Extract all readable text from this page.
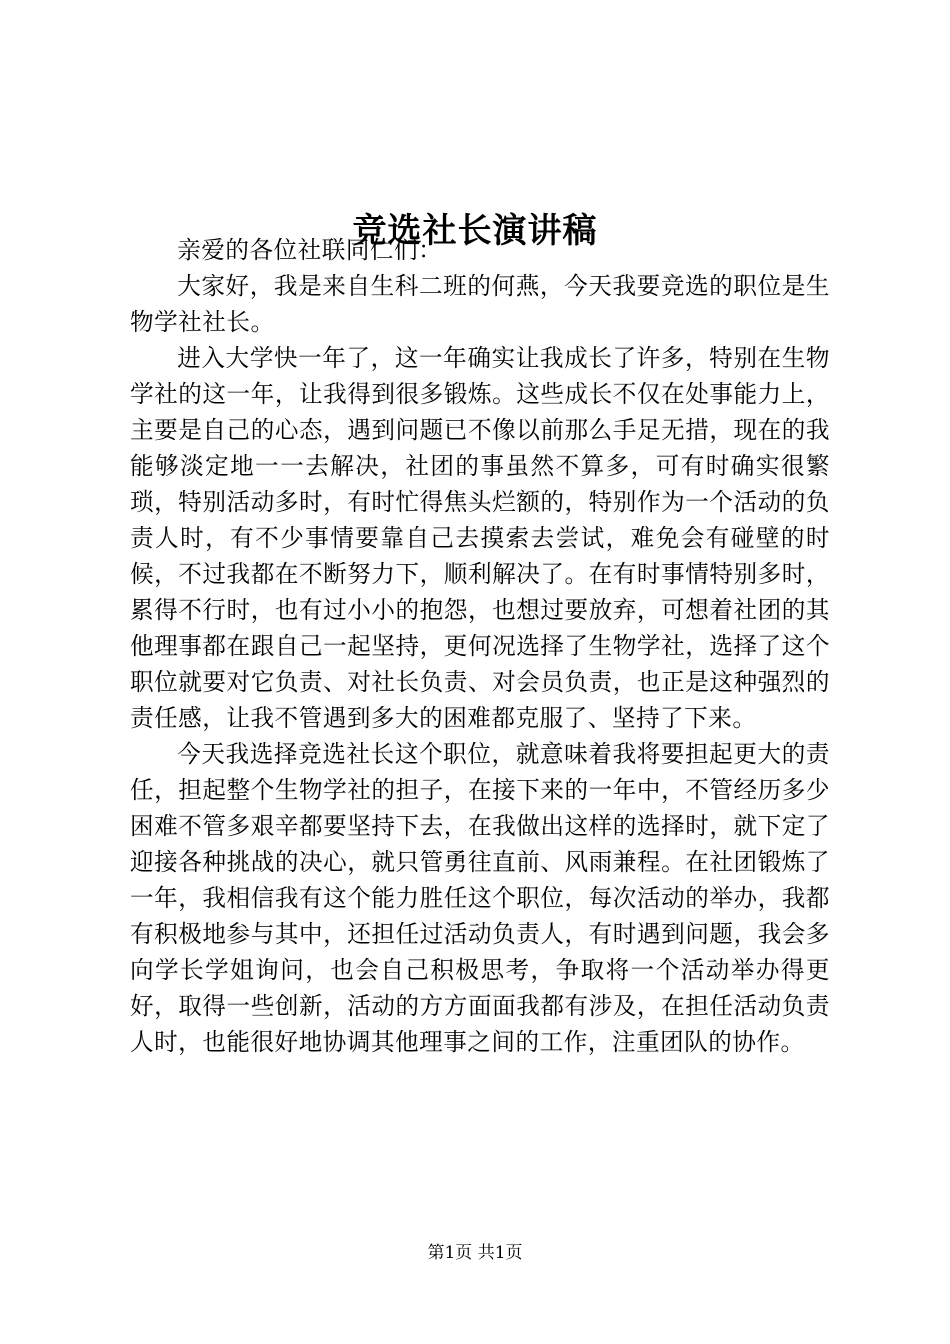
竞选社长演讲稿

亲爱的各位社联同仁们：

大家好，我是来自生科二班的何燕，今天我要竞选的职位是生物学社社长。

进入大学快一年了，这一年确实让我成长了许多，特别在生物学社的这一年，让我得到很多锻炼。这些成长不仅在处事能力上，主要是自己的心态，遇到问题已不像以前那么手足无措，现在的我能够淡定地一一去解决，社团的事虽然不算多，可有时确实很繁琐，特别活动多时，有时忙得焦头烂额的，特别作为一个活动的负责人时，有不少事情要靠自己去摸索去尝试，难免会有碰壁的时候，不过我都在不断努力下，顺利解决了。在有时事情特别多时，累得不行时，也有过小小的抱怨，也想过要放弃，可想着社团的其他理事都在跟自己一起坚持，更何况选择了生物学社，选择了这个职位就要对它负责、对社长负责、对会员负责，也正是这种强烈的责任感，让我不管遇到多大的困难都克服了、坚持了下来。

今天我选择竞选社长这个职位，就意味着我将要担起更大的责任，担起整个生物学社的担子，在接下来的一年中，不管经历多少困难不管多艰辛都要坚持下去，在我做出这样的选择时，就下定了迎接各种挑战的决心，就只管勇往直前、风雨兼程。在社团锻炼了一年，我相信我有这个能力胜任这个职位，每次活动的举办，我都有积极地参与其中，还担任过活动负责人，有时遇到问题，我会多向学长学姐询问，也会自己积极思考，争取将一个活动举办得更好，取得一些创新，活动的方方面面我都有涉及，在担任活动负责人时，也能很好地协调其他理事之间的工作，注重团队的协作。

第1页 共1页
